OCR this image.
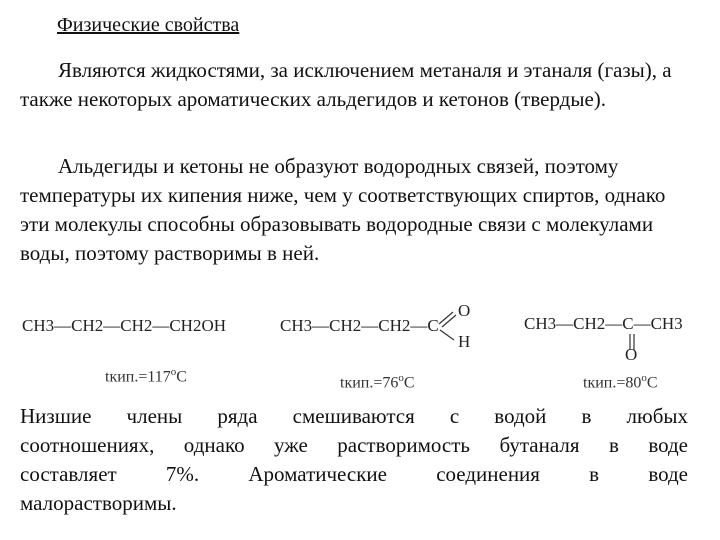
Физические свойства
Являются жидкостями, за исключением метаналя и этаналя (газы), а также некоторых ароматических альдегидов и кетонов (твердые).
Альдегиды и кетоны не образуют водородных связей, поэтому температуры их кипения ниже, чем у соответствующих спиртов, однако эти молекулы способны образовывать водородные связи с молекулами воды, поэтому растворимы в ней.
CH3—CH2—CH2—CH2OH
$tкип.=117^oC$
CH3—CH2—CH2—C
O
H
$tкип.=76^oC$
CH3—CH2—C—CH3
O
$tкип.=80^oC$
Низшие члены ряда смешиваются с водой в любых
соотношениях, однако уже растворимость бутаналя в воде
составляет 7%. Ароматические соединения в воде
малорастворимы.
